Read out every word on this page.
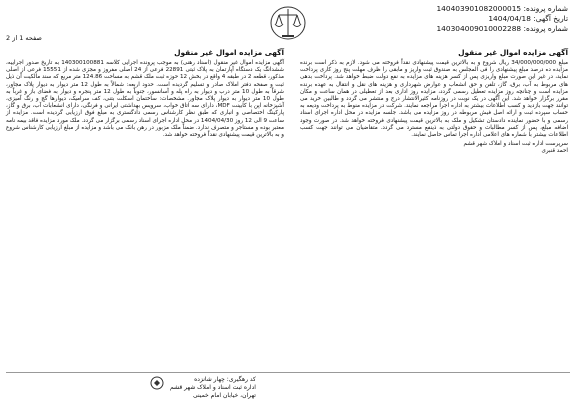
شماره پرونده: 140403901082000015
تاریخ آگهی: 1404/04/18
شماره پرونده: 140304009010002288
صفحه 1 از 2
آگهی مزایده اموال غیر منقول

مبلغ 34/000/000/000 ریال شروع و به بالاترین قیمت پیشنهادی نقداً فروخته می شود. لازم به ذکر است برنده مزایده ده درصد مبلغ پیشنهادی را فی المجلس به صندوق ثبت واریز و مابقی را ظرف مهلت پنج روز کاری پرداخت نماید، در غیر این صورت مبلغ واریزی پس از کسر هزینه های مزایده به نفع دولت ضبط خواهد شد. پرداخت بدهی های مربوط به آب، برق، گاز، تلفن و حق انشعاب و عوارض شهرداری و هزینه های نقل و انتقال به عهده برنده مزایده است و چنانچه روز مزایده تعطیل رسمی گردد، مزایده روز اداری بعد از تعطیلی در همان ساعت و مکان مقرر برگزار خواهد شد. این آگهی در یک نوبت در روزنامه کثیرالانتشار درج و منتشر می گردد و طالبین خرید می توانند جهت بازدید و کسب اطلاعات بیشتر به اداره اجرا مراجعه نمایند. شرکت در مزایده منوط به پرداخت ودیعه به حساب سپرده ثبت و ارائه اصل فیش مربوطه در روز مزایده می باشد. جلسه مزایده در محل اداره اجرای اسناد رسمی و با حضور نماینده دادستان تشکیل و ملک به بالاترین قیمت پیشنهادی فروخته خواهد شد. در صورت وجود اضافه مبلغ، پس از کسر مطالبات و حقوق دولتی به ذینفع مسترد می گردد. متقاضیان می توانند جهت کسب اطلاعات بیشتر با شماره های اعلامی اداره اجرا تماس حاصل نمایند.

سرپرست اداره ثبت اسناد و املاک شهر قشم
احمد قنبری
آگهی مزایده اموال غیر منقول

آگهی مزایده اموال غیر منقول (اسناد رهنی) به موجب پرونده اجرایی کلاسه 140300100881 به تاریخ صدور اجراییه، ششدانگ یک دستگاه آپارتمان به پلاک ثبتی 22891 فرعی از 24 اصلی مفروز و مجزی شده از 15551 فرعی از اصلی مذکور، قطعه 2 در طبقه 4 واقع در بخش 12 حوزه ثبت ملک قشم به مساحت 124.86 متر مربع که سند مالکیت آن ذیل ثبت و صفحه دفتر املاک صادر و تسلیم گردیده است. حدود اربعه: شمالاً به طول 12 متر دیوار به دیوار پلاک مجاور، شرقاً به طول 10 متر درب و دیوار به راه پله و آسانسور، جنوباً به طول 12 متر پنجره و دیوار به فضای باز و غرباً به طول 10 متر دیوار به دیوار پلاک مجاور. مشخصات: ساختمان اسکلت بتنی، کف سرامیک، دیوارها گچ و رنگ آمیزی، آشپزخانه اپن با کابینت MDF، دارای سه اتاق خواب، سرویس بهداشتی ایرانی و فرنگی، دارای انشعابات آب، برق و گاز، پارکینگ اختصاصی و انباری که طبق نظر کارشناس رسمی دادگستری به مبلغ فوق ارزیابی گردیده است. مزایده از ساعت 9 الی 12 روز 1404/04/30 در محل اداره اجرای اسناد رسمی برگزار می گردد. ملک مورد مزایده فاقد بیمه نامه معتبر بوده و مستاجر و متصرف ندارد. ضمناً ملک مزبور در رهن بانک می باشد و مزایده از مبلغ ارزیابی کارشناس شروع و به بالاترین قیمت پیشنهادی نقداً فروخته خواهد شد.

کد رهگیری: چهار شانزده
اداره ثبت اسناد و املاک شهر قشم
تهران، خیابان امام خمینی
